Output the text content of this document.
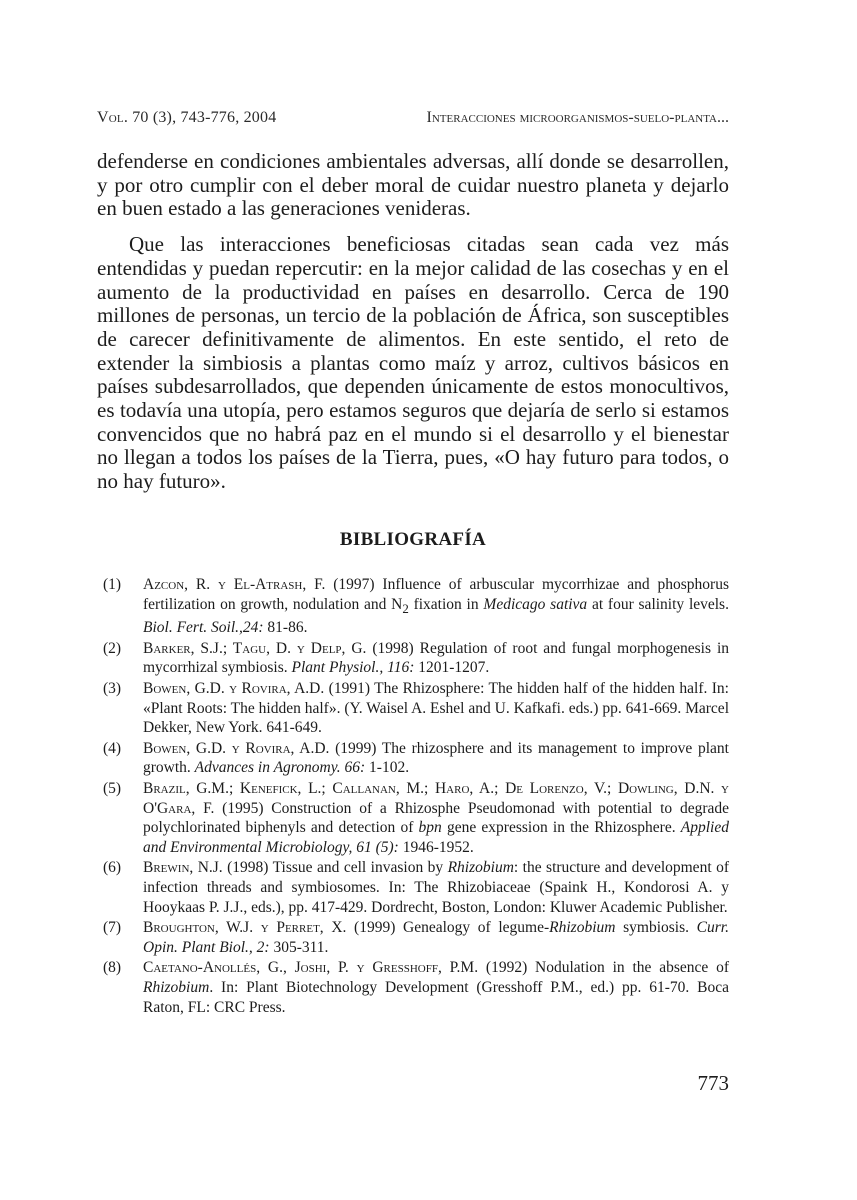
Vol. 70 (3), 743-776, 2004	Interacciones microorganismos-suelo-planta...

defenderse en condiciones ambientales adversas, allí donde se desarrollen, y por otro cumplir con el deber moral de cuidar nuestro planeta y dejarlo en buen estado a las generaciones venideras.

Que las interacciones beneficiosas citadas sean cada vez más entendidas y puedan repercutir: en la mejor calidad de las cosechas y en el aumento de la productividad en países en desarrollo. Cerca de 190 millones de personas, un tercio de la población de África, son susceptibles de carecer definitivamente de alimentos. En este sentido, el reto de extender la simbiosis a plantas como maíz y arroz, cultivos básicos en países subdesarrollados, que dependen únicamente de estos monocultivos, es todavía una utopía, pero estamos seguros que dejaría de serlo si estamos convencidos que no habrá paz en el mundo si el desarrollo y el bienestar no llegan a todos los países de la Tierra, pues, «O hay futuro para todos, o no hay futuro».

BIBLIOGRAFÍA
(1) Azcon, R. y El-Atrash, F. (1997) Influence of arbuscular mycorrhizae and phosphorus fertilization on growth, nodulation and $N_2$ fixation in Medicago sativa at four salinity levels. Biol. Fert. Soil.,24: 81-86.
(2) Barker, S.J.; Tagu, D. y Delp, G. (1998) Regulation of root and fungal morphogenesis in mycorrhizal symbiosis. Plant Physiol., 116: 1201-1207.
(3) Bowen, G.D. y Rovira, A.D. (1991) The Rhizosphere: The hidden half of the hidden half. In: «Plant Roots: The hidden half». (Y. Waisel A. Eshel and U. Kafkafi. eds.) pp. 641-669. Marcel Dekker, New York. 641-649.
(4) Bowen, G.D. y Rovira, A.D. (1999) The rhizosphere and its management to improve plant growth. Advances in Agronomy. 66: 1-102.
(5) Brazil, G.M.; Kenefick, L.; Callanan, M.; Haro, A.; De Lorenzo, V.; Dowling, D.N. y O'Gara, F. (1995) Construction of a Rhizosphe Pseudomonad with potential to degrade polychlorinated biphenyls and detection of bpn gene expression in the Rhizosphere. Applied and Environmental Microbiology, 61 (5): 1946-1952.
(6) Brewin, N.J. (1998) Tissue and cell invasion by Rhizobium: the structure and development of infection threads and symbiosomes. In: The Rhizobiaceae (Spaink H., Kondorosi A. y Hooykaas P. J.J., eds.), pp. 417-429. Dordrecht, Boston, London: Kluwer Academic Publisher.
(7) Broughton, W.J. y Perret, X. (1999) Genealogy of legume-Rhizobium symbiosis. Curr. Opin. Plant Biol., 2: 305-311.
(8) Caetano-Anollés, G., Joshi, P. y Gresshoff, P.M. (1992) Nodulation in the absence of Rhizobium. In: Plant Biotechnology Development (Gresshoff P.M., ed.) pp. 61-70. Boca Raton, FL: CRC Press.
773
